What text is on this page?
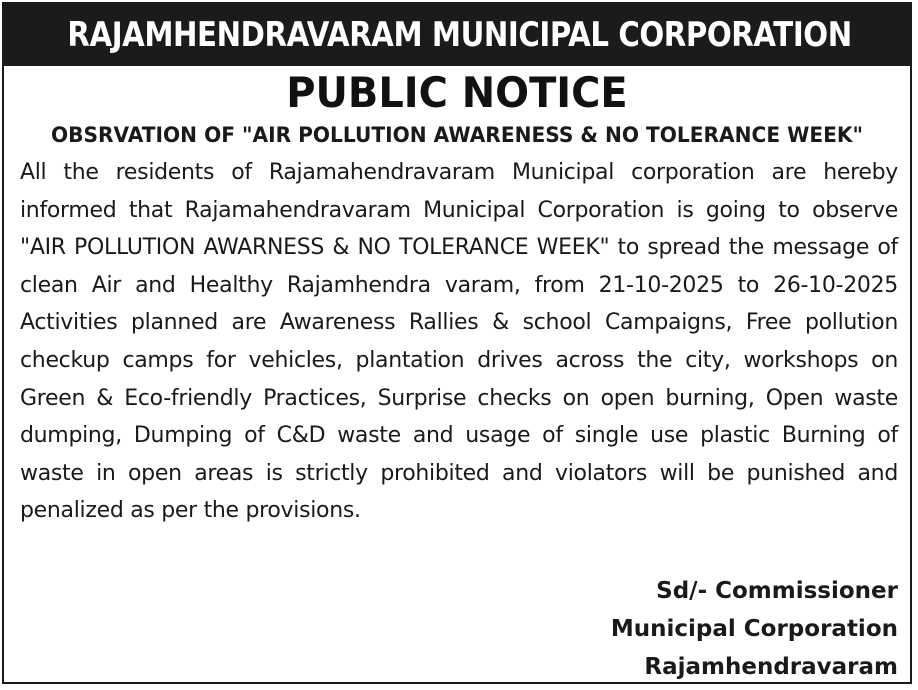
RAJAMHENDRAVARAM MUNICIPAL CORPORATION
PUBLIC NOTICE
OBSRVATION OF "AIR POLLUTION AWARENESS & NO TOLERANCE WEEK"
All the residents of Rajamahendravaram Municipal corporation are hereby informed that Rajamahendravaram Municipal Corporation is going to observe "AIR POLLUTION AWARNESS & NO TOLERANCE WEEK" to spread the message of clean Air and Healthy Rajamhendra varam, from 21-10-2025 to 26-10-2025 Activities planned are Awareness Rallies & school Campaigns, Free pollution checkup camps for vehicles, plantation drives across the city, workshops on Green & Eco-friendly Practices, Surprise checks on open burning, Open waste dumping, Dumping of C&D waste and usage of single use plastic Burning of waste in open areas is strictly prohibited and violators will be punished and penalized as per the provisions.
Sd/- Commissioner
Municipal Corporation
Rajamhendravaram
